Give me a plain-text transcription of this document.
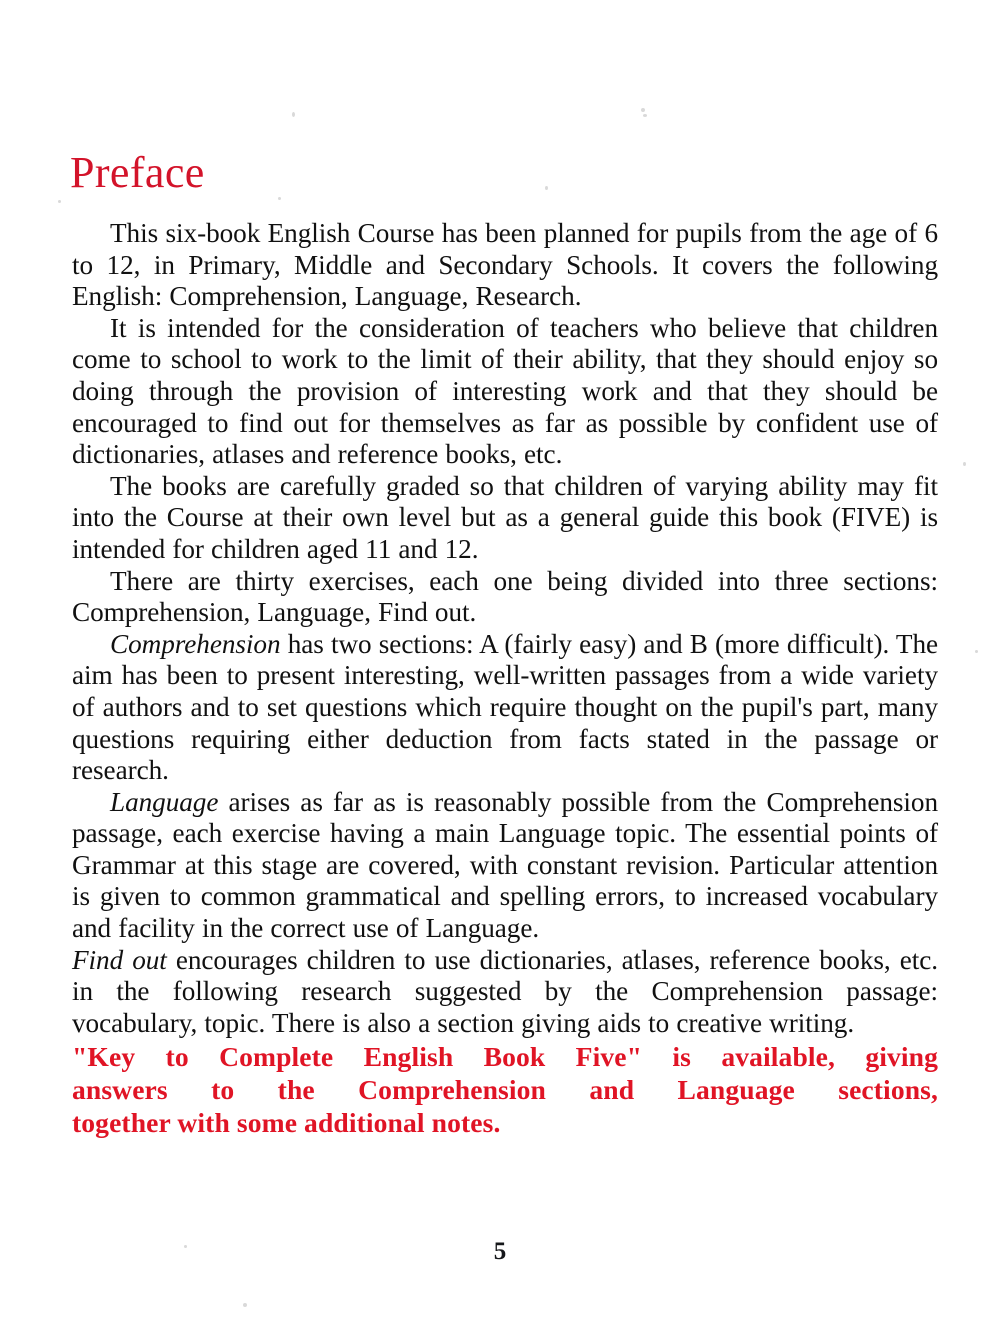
Preface

This six-book English Course has been planned for pupils from the age of 6 to 12, in Primary, Middle and Secondary Schools. It covers the following English: Comprehension, Language, Research.

It is intended for the consideration of teachers who believe that children come to school to work to the limit of their ability, that they should enjoy so doing through the provision of interesting work and that they should be encouraged to find out for themselves as far as possible by confident use of dictionaries, atlases and reference books, etc.

The books are carefully graded so that children of varying ability may fit into the Course at their own level but as a general guide this book (FIVE) is intended for children aged 11 and 12.

There are thirty exercises, each one being divided into three sections: Comprehension, Language, Find out.

Comprehension has two sections: A (fairly easy) and B (more difficult). The aim has been to present interesting, well-written passages from a wide variety of authors and to set questions which require thought on the pupil's part, many questions requiring either deduction from facts stated in the passage or research.

Language arises as far as is reasonably possible from the Comprehension passage, each exercise having a main Language topic. The essential points of Grammar at this stage are covered, with constant revision. Particular attention is given to common grammatical and spelling errors, to increased vocabulary and facility in the correct use of Language.

Find out encourages children to use dictionaries, atlases, reference books, etc. in the following research suggested by the Comprehension passage: vocabulary, topic. There is also a section giving aids to creative writing.

"Key to Complete English Book Five" is available, giving
answers to the Comprehension and Language sections,
together with some additional notes.

5
